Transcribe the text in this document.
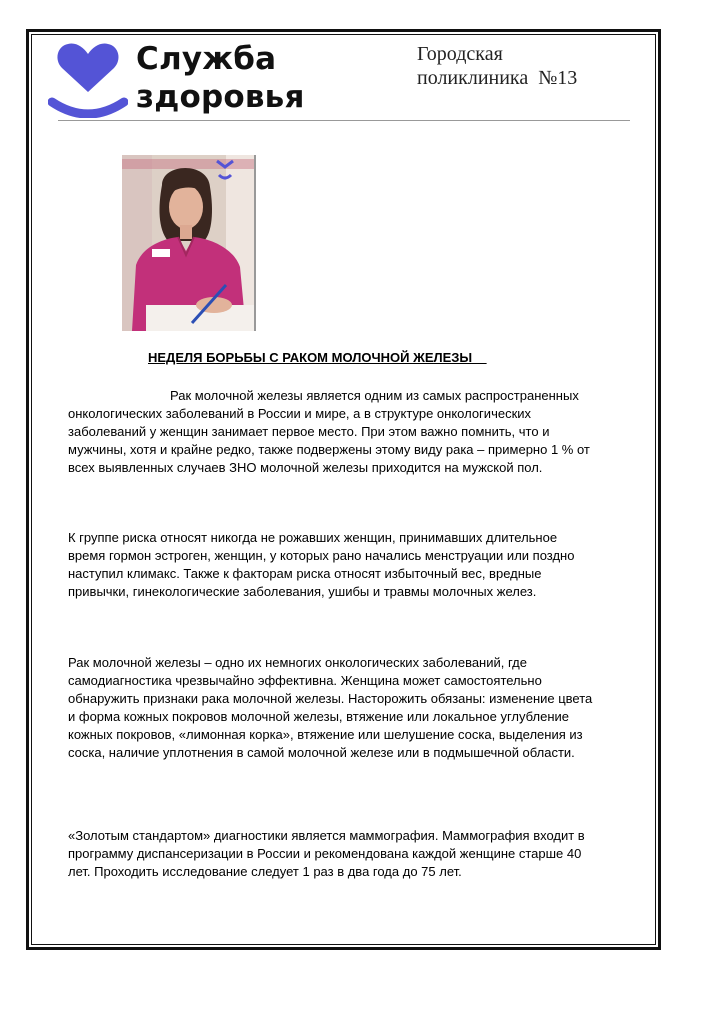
Служба
здоровья
Городская
поликлиника  №13
НЕДЕЛЯ БОРЬБЫ С РАКОМ МОЛОЧНОЙ ЖЕЛЕЗЫ

Рак молочной железы является одним из самых распространенных онкологических заболеваний в России и мире, а в структуре онкологических заболеваний у женщин занимает первое место. При этом важно помнить, что и мужчины, хотя и крайне редко, также подвержены этому виду рака – примерно 1 % от всех выявленных случаев ЗНО молочной железы приходится на мужской пол.

К группе риска относят никогда не рожавших женщин, принимавших длительное время гормон эстроген, женщин, у которых рано начались менструации или поздно наступил климакс. Также к факторам риска относят избыточный вес, вредные привычки, гинекологические заболевания, ушибы и травмы молочных желез.

Рак молочной железы – одно их немногих онкологических заболеваний, где самодиагностика чрезвычайно эффективна. Женщина может самостоятельно обнаружить признаки рака молочной железы. Насторожить обязаны: изменение цвета и форма кожных покровов молочной железы, втяжение или локальное углубление кожных покровов, «лимонная корка», втяжение или шелушение соска, выделения из соска, наличие уплотнения в самой молочной железе или в подмышечной области.

«Золотым стандартом» диагностики является маммография. Маммография входит в программу диспансеризации в России и рекомендована каждой женщине старше 40 лет. Проходить исследование следует 1 раз в два года до 75 лет.
